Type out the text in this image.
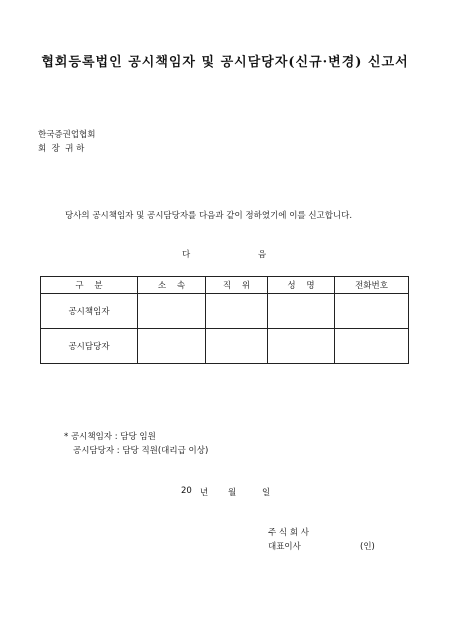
협회등록법인 공시책임자 및 공시담당자(신규·변경) 신고서
한국증권업협회
회  장  귀 하
당사의 공시책임자 및 공시담당자를 다음과 같이 정하였기에 이를 신고합니다.
다	음
구    분	소    속	직    위	성    명	전화번호
공시책임자				
공시담당자				
* 공시책임자 : 담당 임원
공시담당자 : 담당 직원(대리급 이상)
20 년 월	일
주 식 회 사
대표이사	(인)
